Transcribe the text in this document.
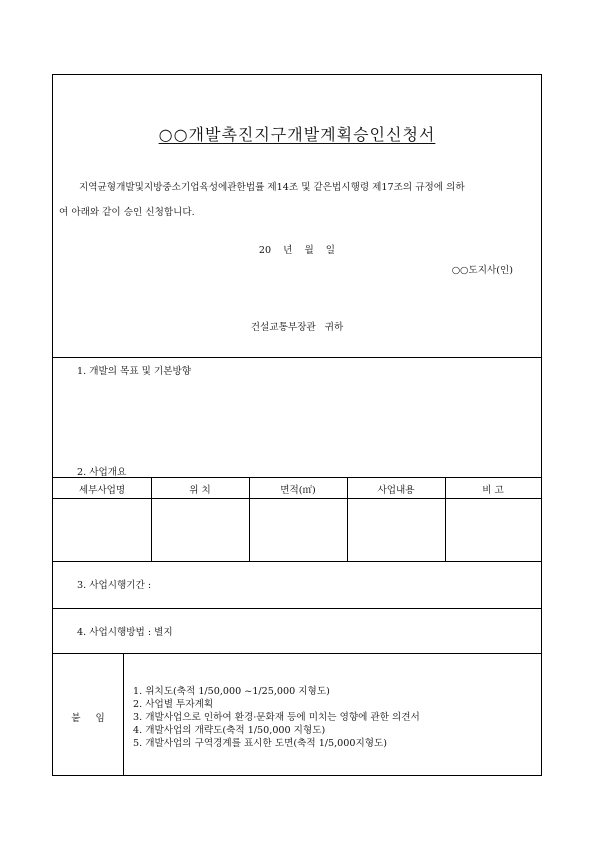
○○개발촉진지구개발계획승인신청서

지역균형개발및지방중소기업육성에관한법률 제14조 및 같은법시행령 제17조의 규정에 의하

여 아래와 같이 승인 신청합니다.

20 년 월 일
○○도지사(인)
건설교통부장관 귀하
1. 개발의 목표 및 기본방향
2. 사업개요
세부사업명	위 치	면적(㎡)	사업내용	비 고
3. 사업시행기간 :
4. 사업시행방법 : 별지
붙 임
1. 위치도(축적 1/50,000 ~1/25,000 지형도)
2. 사업별 투자계획
3. 개발사업으로 인하여 환경·문화재 등에 미치는 영향에 관한 의견서
4. 개발사업의 개략도(축적 1/50,000 지형도)
5. 개발사업의 구역경계를 표시한 도면(축적 1/5,000지형도)
